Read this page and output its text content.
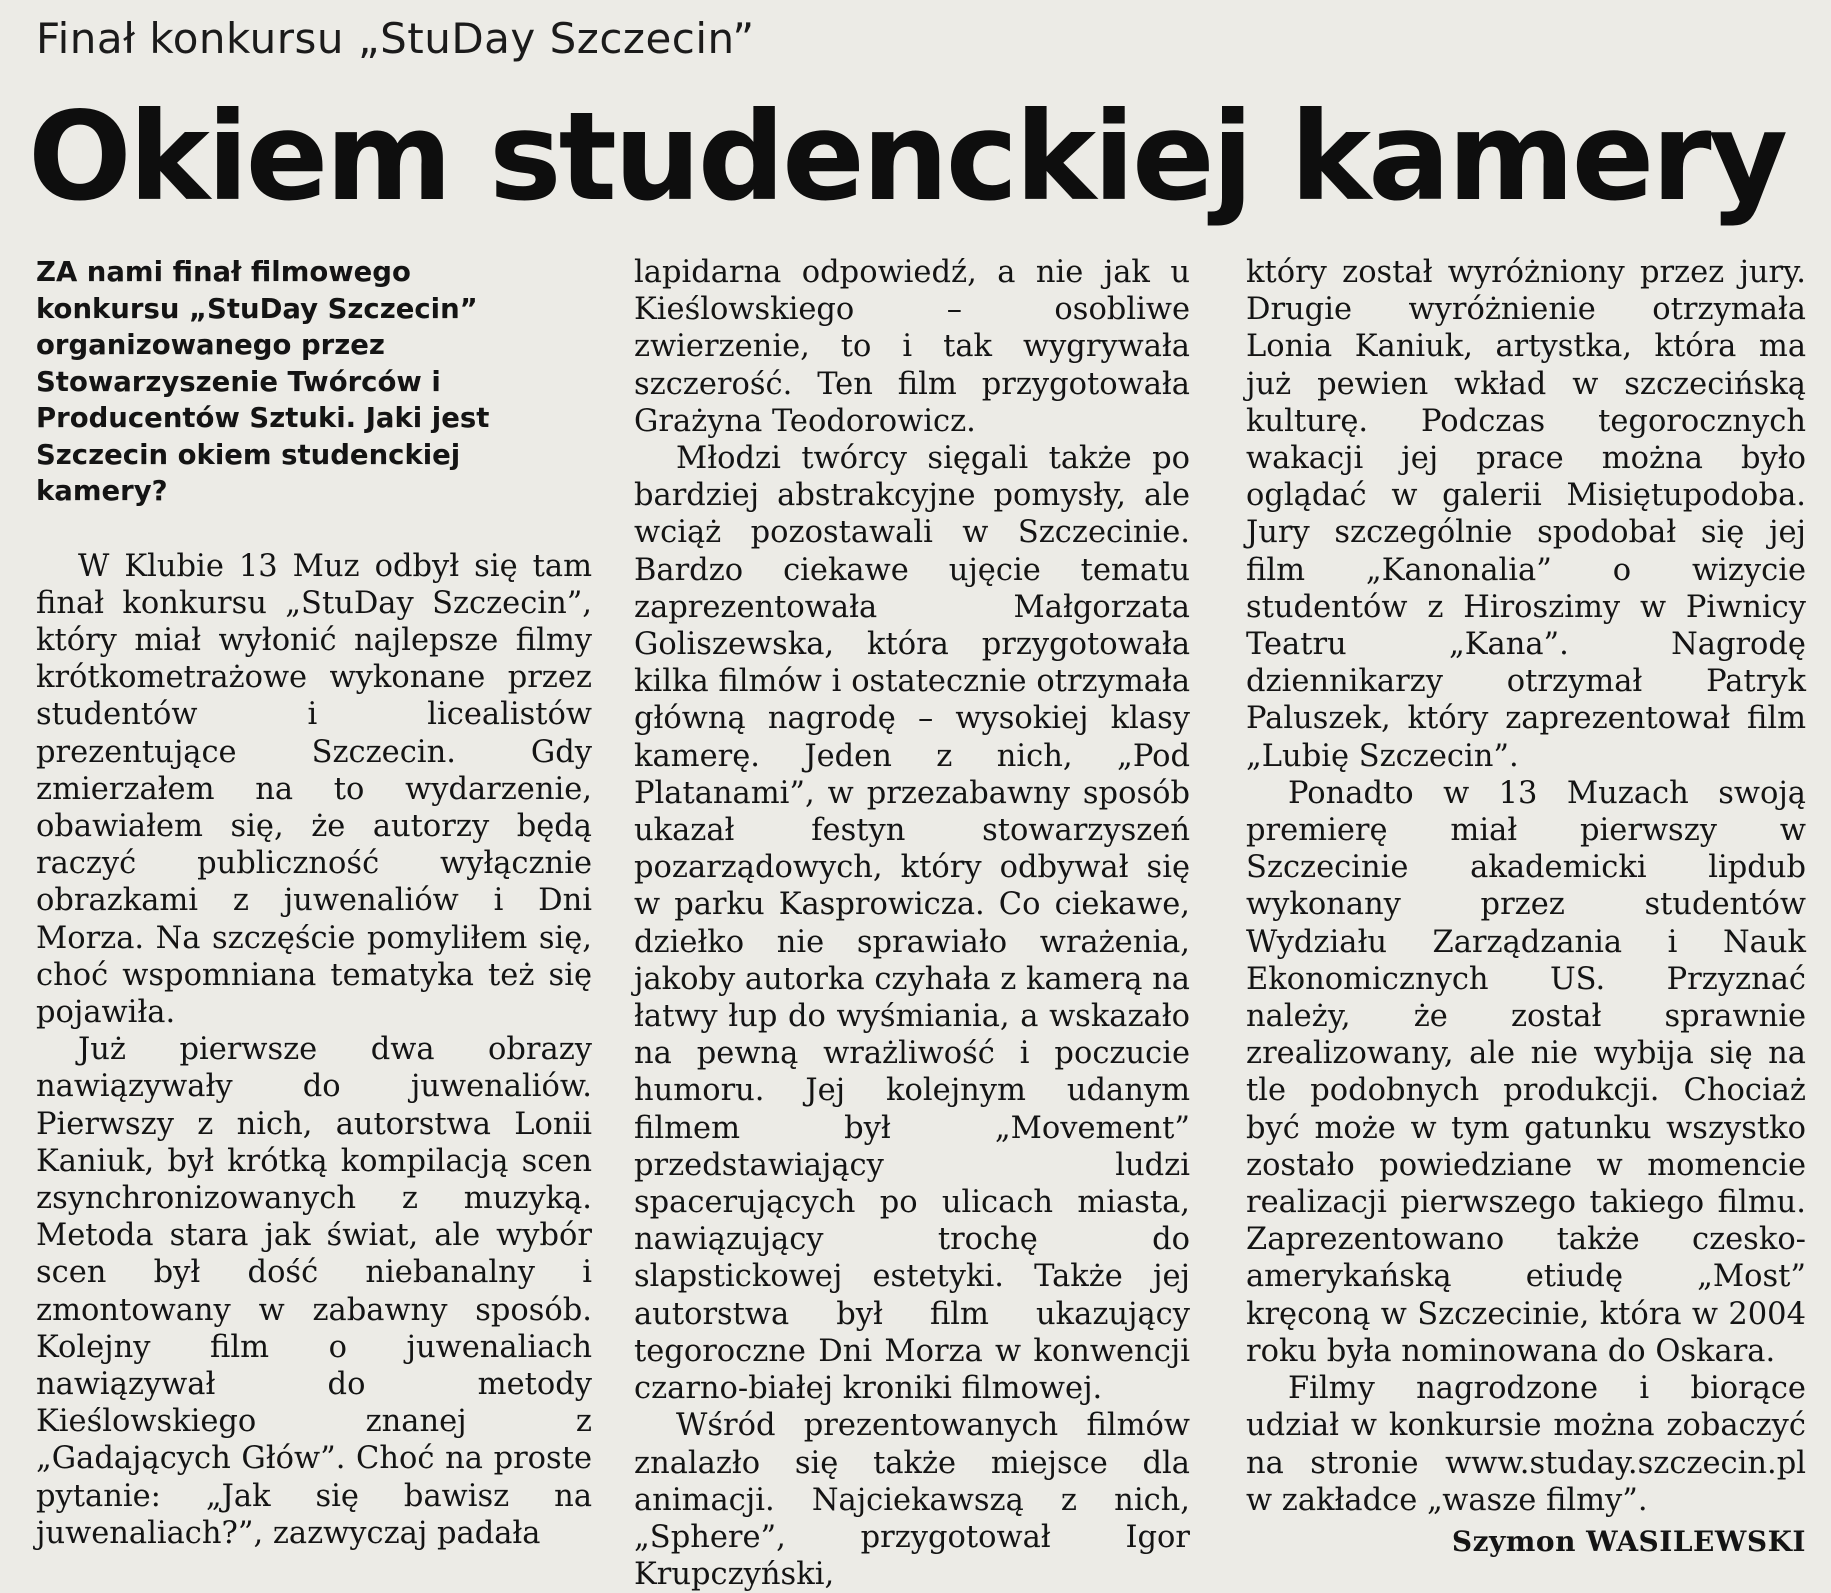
Finał konkursu „StuDay Szczecin”
Okiem studenckiej kamery
ZA nami finał filmowego konkursu „StuDay Szczecin” organizowanego przez Stowarzyszenie Twórców i Producentów Sztuki. Jaki jest Szczecin okiem studenckiej kamery?

W Klubie 13 Muz odbył się tam finał konkursu „StuDay Szczecin”, który miał wyłonić najlepsze filmy krótkometrażowe wykonane przez studentów i licealistów prezentujące Szczecin. Gdy zmierzałem na to wydarzenie, obawiałem się, że autorzy będą raczyć publiczność wyłącznie obrazkami z juwenaliów i Dni Morza. Na szczęście pomyliłem się, choć wspomniana tematyka też się pojawiła.

Już pierwsze dwa obrazy nawiązywały do juwenaliów. Pierwszy z nich, autorstwa Lonii Kaniuk, był krótką kompilacją scen zsynchronizowanych z muzyką. Metoda stara jak świat, ale wybór scen był dość niebanalny i zmontowany w zabawny sposób. Kolejny film o juwenaliach nawiązywał do metody Kieślowskiego znanej z „Gadających Głów”. Choć na proste pytanie: „Jak się bawisz na juwenaliach?”, zazwyczaj padała

lapidarna odpowiedź, a nie jak u Kieślowskiego – osobliwe zwierzenie, to i tak wygrywała szczerość. Ten film przygotowała Grażyna Teodorowicz.

Młodzi twórcy sięgali także po bardziej abstrakcyjne pomysły, ale wciąż pozostawali w Szczecinie. Bardzo ciekawe ujęcie tematu zaprezentowała Małgorzata Goliszewska, która przygotowała kilka filmów i ostatecznie otrzymała główną nagrodę – wysokiej klasy kamerę. Jeden z nich, „Pod Platanami”, w przezabawny sposób ukazał festyn stowarzyszeń pozarządowych, który odbywał się w parku Kasprowicza. Co ciekawe, dziełko nie sprawiało wrażenia, jakoby autorka czyhała z kamerą na łatwy łup do wyśmiania, a wskazało na pewną wrażliwość i poczucie humoru. Jej kolejnym udanym filmem był „Movement” przedstawiający ludzi spacerujących po ulicach miasta, nawiązujący trochę do slapstickowej estetyki. Także jej autorstwa był film ukazujący tegoroczne Dni Morza w konwencji czarno-białej kroniki filmowej.

Wśród prezentowanych filmów znalazło się także miejsce dla animacji. Najciekawszą z nich, „Sphere”, przygotował Igor Krupczyński,

który został wyróżniony przez jury. Drugie wyróżnienie otrzymała Lonia Kaniuk, artystka, która ma już pewien wkład w szczecińską kulturę. Podczas tegorocznych wakacji jej prace można było oglądać w galerii Misiętupodoba. Jury szczególnie spodobał się jej film „Kanonalia” o wizycie studentów z Hiroszimy w Piwnicy Teatru „Kana”. Nagrodę dziennikarzy otrzymał Patryk Paluszek, który zaprezentował film „Lubię Szczecin”.

Ponadto w 13 Muzach swoją premierę miał pierwszy w Szczecinie akademicki lipdub wykonany przez studentów Wydziału Zarządzania i Nauk Ekonomicznych US. Przyznać należy, że został sprawnie zrealizowany, ale nie wybija się na tle podobnych produkcji. Chociaż być może w tym gatunku wszystko zostało powiedziane w momencie realizacji pierwszego takiego filmu. Zaprezentowano także czesko-amerykańską etiudę „Most” kręconą w Szczecinie, która w 2004 roku była nominowana do Oskara.

Filmy nagrodzone i biorące udział w konkursie można zobaczyć na stronie www.studay.szczecin.pl w zakładce „wasze filmy”.

Szymon WASILEWSKI
